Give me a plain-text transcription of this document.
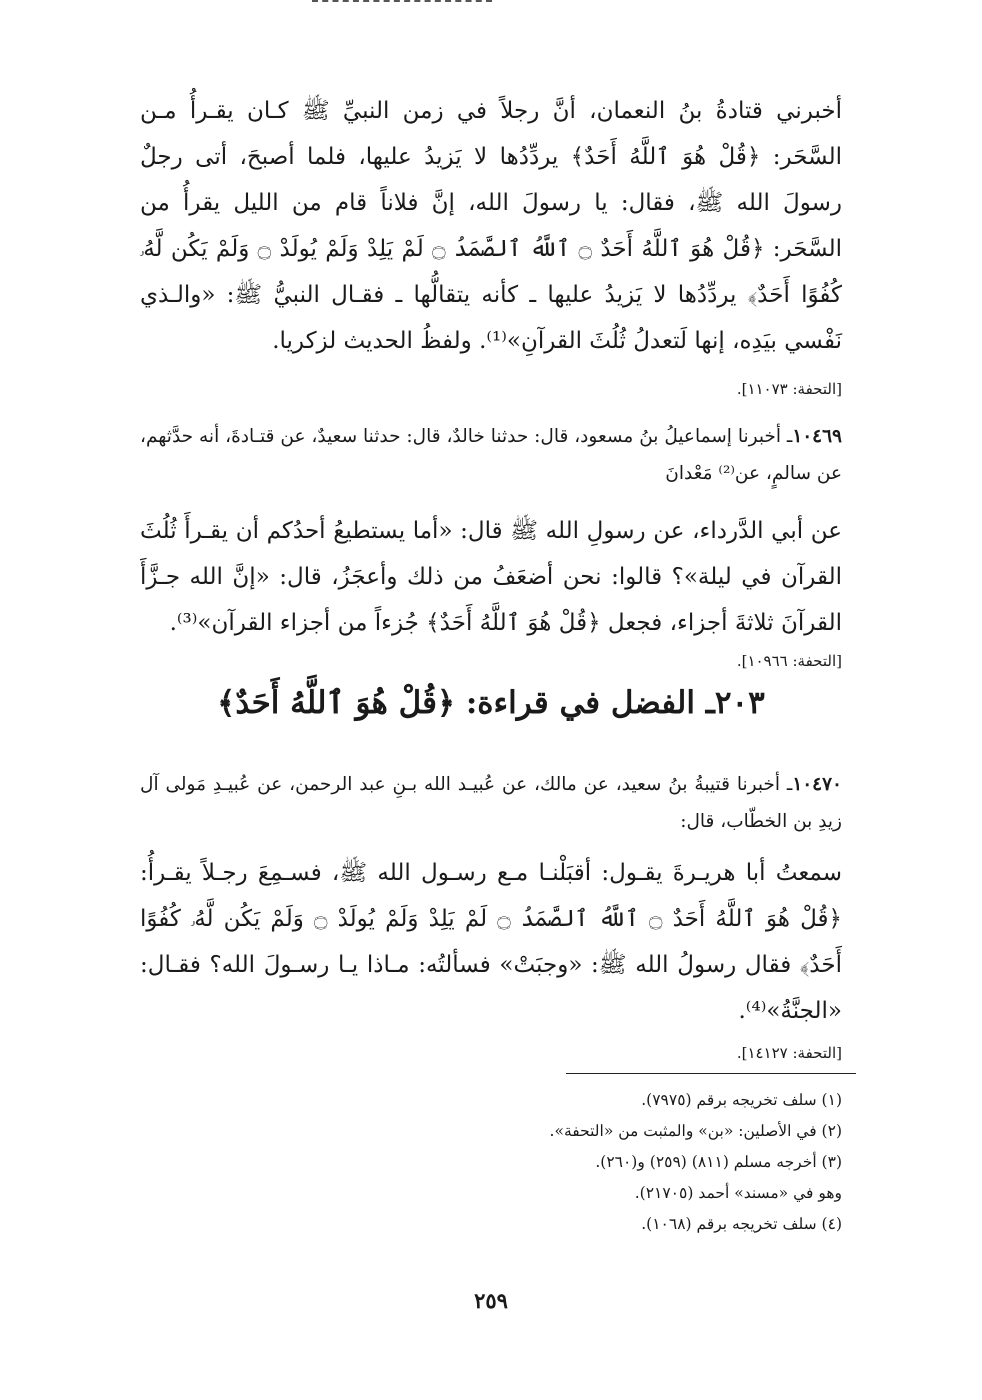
أخبرني قتادةُ بنُ النعمان، أنَّ رجلاً في زمن النبيِّ ﷺ كـان يقـرأُ مـن السَّحَر: ﴿قُلْ هُوَ ٱللَّهُ أَحَدٌ﴾ يردِّدُها لا يَزيدُ عليها، فلما أصبحَ، أتى رجلٌ رسولَ الله ﷺ، فقال: يا رسولَ الله، إنَّ فلاناً قام من الليل يقرأُ من السَّحَر: ﴿قُلْ هُوَ ٱللَّهُ أَحَدٌ ۝ ٱللَّهُ ٱلصَّمَدُ ۝ لَمْ يَلِدْ وَلَمْ يُولَدْ ۝ وَلَمْ يَكُن لَّهُۥ كُفُوًا أَحَدٌ﴾ يردِّدُها لا يَزيدُ عليها ـ كأنه يتقالُّها ـ فقـال النبيُّ ﷺ: «والـذي نَفْسي بيَدِه، إنها لَتعدلُ ثُلُثَ القرآنِ»⁽¹⁾. ولفظُ الحديث لزكريا.
[التحفة: ١١٠٧٣].
١٠٤٦٩ـ أخبرنا إسماعيلُ بنُ مسعود، قال: حدثنا خالدٌ، قال: حدثنا سعيدٌ، عن قتـادةَ، أنه حدَّثهم، عن سالمٍ، عن⁽²⁾ مَعْدانَ
عن أبي الدَّرداء، عن رسولِ الله ﷺ قال: «أما يستطيعُ أحدُكم أن يقـرأَ ثُلُثَ القرآن في ليلة»؟ قالوا: نحن أضعَفُ من ذلك وأعجَزُ، قال: «إنَّ الله جـزَّأَ القرآنَ ثلاثةَ أجزاء، فجعل ﴿قُلْ هُوَ ٱللَّهُ أَحَدٌ﴾ جُزءاً من أجزاء القرآن»⁽³⁾.
[التحفة: ١٠٩٦٦].
٢٠٣ـ الفضل في قراءة: ﴿قُلْ هُوَ ٱللَّهُ أَحَدٌ﴾
١٠٤٧٠ـ أخبرنا قتيبةُ بنُ سعيد، عن مالك، عن عُبيـد الله بـنِ عبد الرحمن، عن عُبيـدِ مَولى آل زيدِ بن الخطّاب، قال:
سمعتُ أبا هريـرةَ يقـول: أقبَلْنـا مـع رسـول الله ﷺ، فسـمِعَ رجـلاً يقـرأُ: ﴿قُلْ هُوَ ٱللَّهُ أَحَدٌ ۝ ٱللَّهُ ٱلصَّمَدُ ۝ لَمْ يَلِدْ وَلَمْ يُولَدْ ۝ وَلَمْ يَكُن لَّهُۥ كُفُوًا أَحَدٌ﴾ فقال رسولُ الله ﷺ: «وجبَتْ» فسألتُه: مـاذا يـا رسـولَ الله؟ فقـال: «الجنَّةُ»⁽⁴⁾.
[التحفة: ١٤١٢٧].
(١) سلف تخريجه برقم (٧٩٧٥).
(٢) في الأصلين: «بن» والمثبت من «التحفة».
(٣) أخرجه مسلم (٨١١) (٢٥٩) و(٢٦٠).
وهو في «مسند» أحمد (٢١٧٠٥).
(٤) سلف تخريجه برقم (١٠٦٨).
٢٥٩
